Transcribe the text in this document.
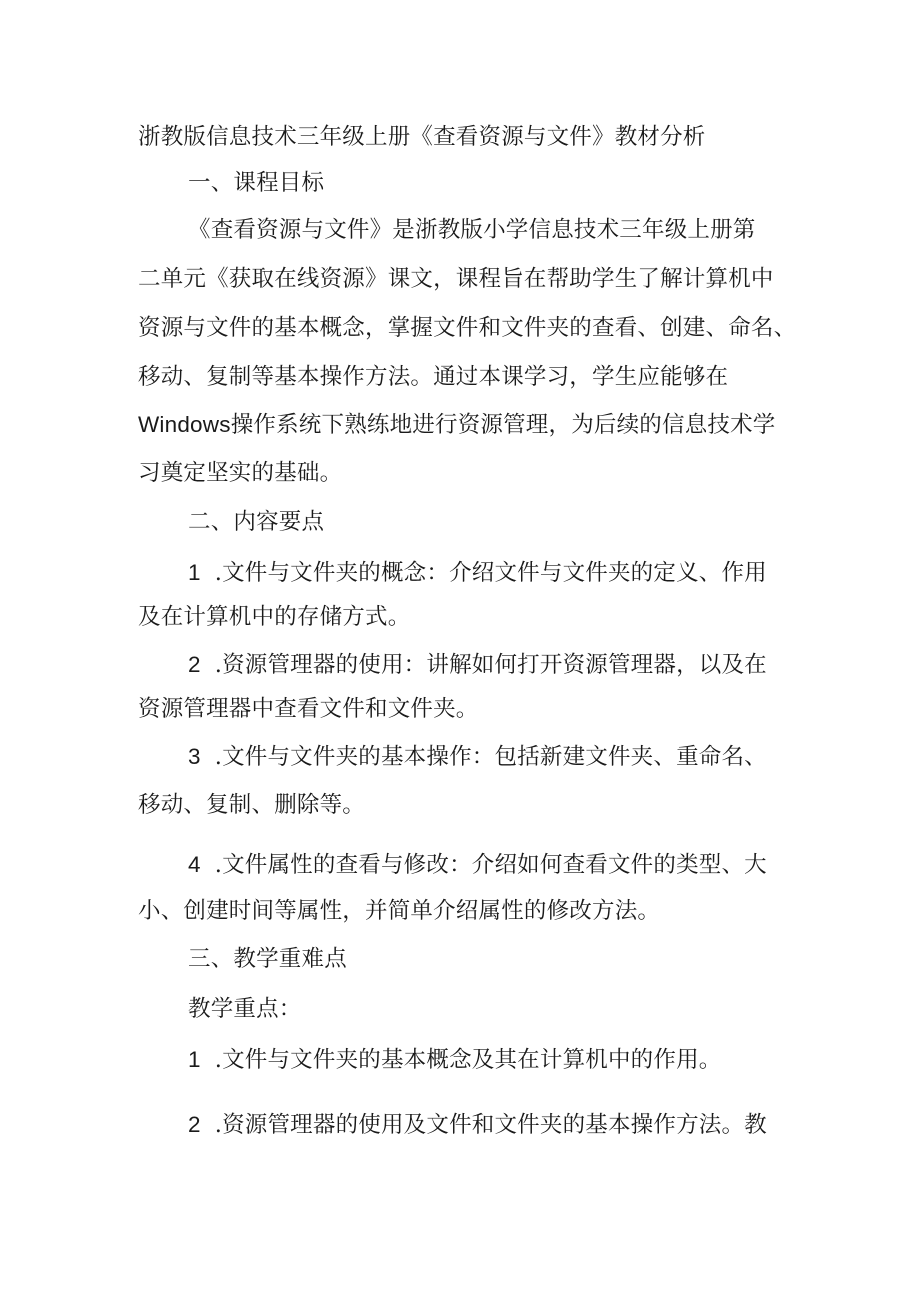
浙教版信息技术三年级上册《查看资源与文件》教材分析
一、课程目标
《查看资源与文件》是浙教版小学信息技术三年级上册第
二单元《获取在线资源》课文，课程旨在帮助学生了解计算机中
资源与文件的基本概念，掌握文件和文件夹的查看、创建、命名、
移动、复制等基本操作方法。通过本课学习，学生应能够在
Windows操作系统下熟练地进行资源管理，为后续的信息技术学
习奠定坚实的基础。
二、内容要点
1 .文件与文件夹的概念：介绍文件与文件夹的定义、作用
及在计算机中的存储方式。
2 .资源管理器的使用：讲解如何打开资源管理器，以及在
资源管理器中查看文件和文件夹。
3 .文件与文件夹的基本操作：包括新建文件夹、重命名、
移动、复制、删除等。
4 .文件属性的查看与修改：介绍如何查看文件的类型、大
小、创建时间等属性，并简单介绍属性的修改方法。
三、教学重难点
教学重点：
1 .文件与文件夹的基本概念及其在计算机中的作用。
2 .资源管理器的使用及文件和文件夹的基本操作方法。教
